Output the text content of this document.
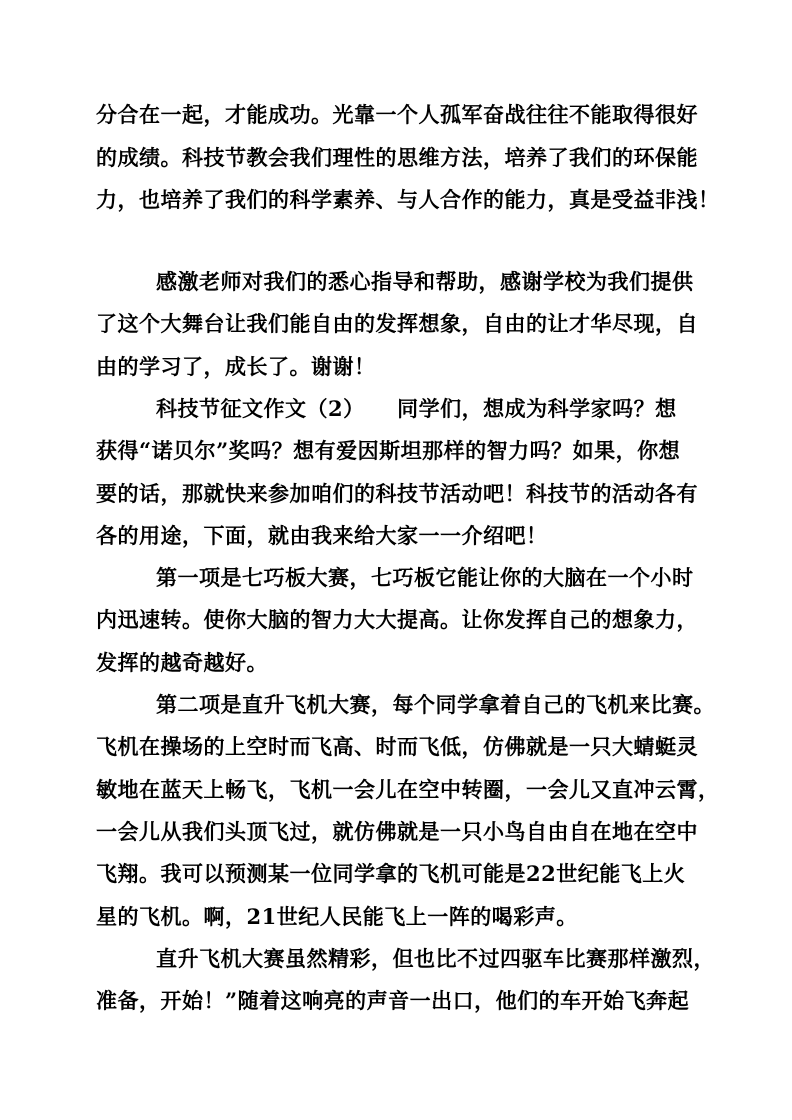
分合在一起，才能成功。光靠一个人孤军奋战往往不能取得很好
的成绩。科技节教会我们理性的思维方法，培养了我们的环保能
力，也培养了我们的科学素养、与人合作的能力，真是受益非浅！
感激老师对我们的悉心指导和帮助，感谢学校为我们提供
了这个大舞台让我们能自由的发挥想象，自由的让才华尽现，自
由的学习了，成长了。谢谢！
科技节征文作文（2）　　同学们，想成为科学家吗？想
获得“诺贝尔”奖吗？想有爱因斯坦那样的智力吗？如果，你想
要的话，那就快来参加咱们的科技节活动吧！科技节的活动各有
各的用途，下面，就由我来给大家一一介绍吧！
第一项是七巧板大赛，七巧板它能让你的大脑在一个小时
内迅速转。使你大脑的智力大大提高。让你发挥自己的想象力，
发挥的越奇越好。
第二项是直升飞机大赛，每个同学拿着自己的飞机来比赛。
飞机在操场的上空时而飞高、时而飞低，仿佛就是一只大蜻蜓灵
敏地在蓝天上畅飞，飞机一会儿在空中转圈，一会儿又直冲云霄，
一会儿从我们头顶飞过，就仿佛就是一只小鸟自由自在地在空中
飞翔。我可以预测某一位同学拿的飞机可能是22世纪能飞上火
星的飞机。啊，21世纪人民能飞上一阵的喝彩声。
直升飞机大赛虽然精彩，但也比不过四驱车比赛那样激烈，
准备，开始！”随着这响亮的声音一出口，他们的车开始飞奔起
